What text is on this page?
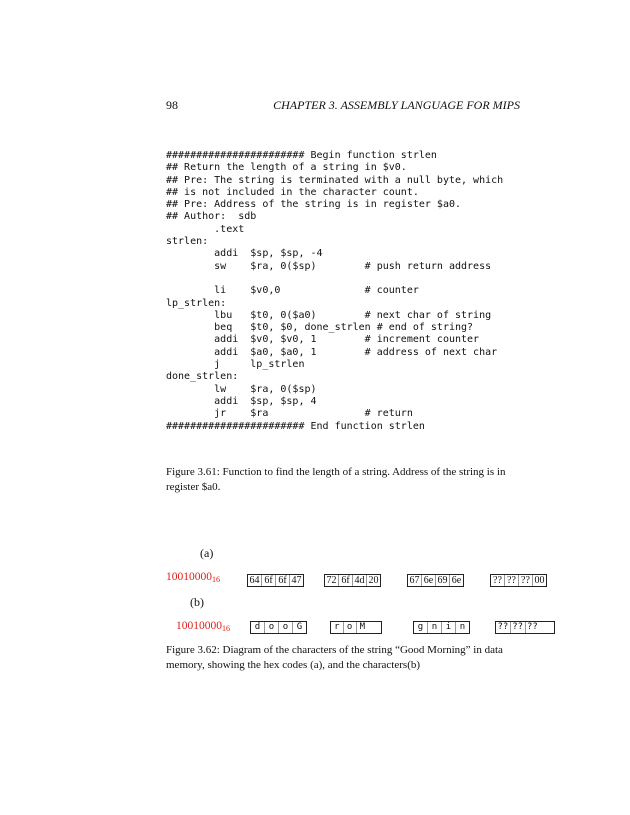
98	CHAPTER 3. ASSEMBLY LANGUAGE FOR MIPS
####################### Begin function strlen
## Return the length of a string in $v0.
## Pre: The string is terminated with a null byte, which
## is not included in the character count.
## Pre: Address of the string is in register $a0.
## Author:  sdb
.text
strlen:
addi  $sp, $sp, -4
sw    $ra, 0($sp)        # push return address

li    $v0,0              # counter
lp_strlen:
lbu   $t0, 0($a0)        # next char of string
beq   $t0, $0, done_strlen # end of string?
addi  $v0, $v0, 1        # increment counter
addi  $a0, $a0, 1        # address of next char
j     lp_strlen
done_strlen:
lw    $ra, 0($sp)
addi  $sp, $sp, 4
jr    $ra                # return
####################### End function strlen
Figure 3.61: Function to find the length of a string. Address of the string is in register $a0.
(a)
$10010000_{16}$	64 6f 6f 47	72 6f 4d 20	67 6e 69 6e	?? ?? ?? 00
(b)
$10010000_{16}$	d o o G	r o M	g n i n	?? ?? ??
Figure 3.62: Diagram of the characters of the string “Good Morning” in data memory, showing the hex codes (a), and the characters(b)
